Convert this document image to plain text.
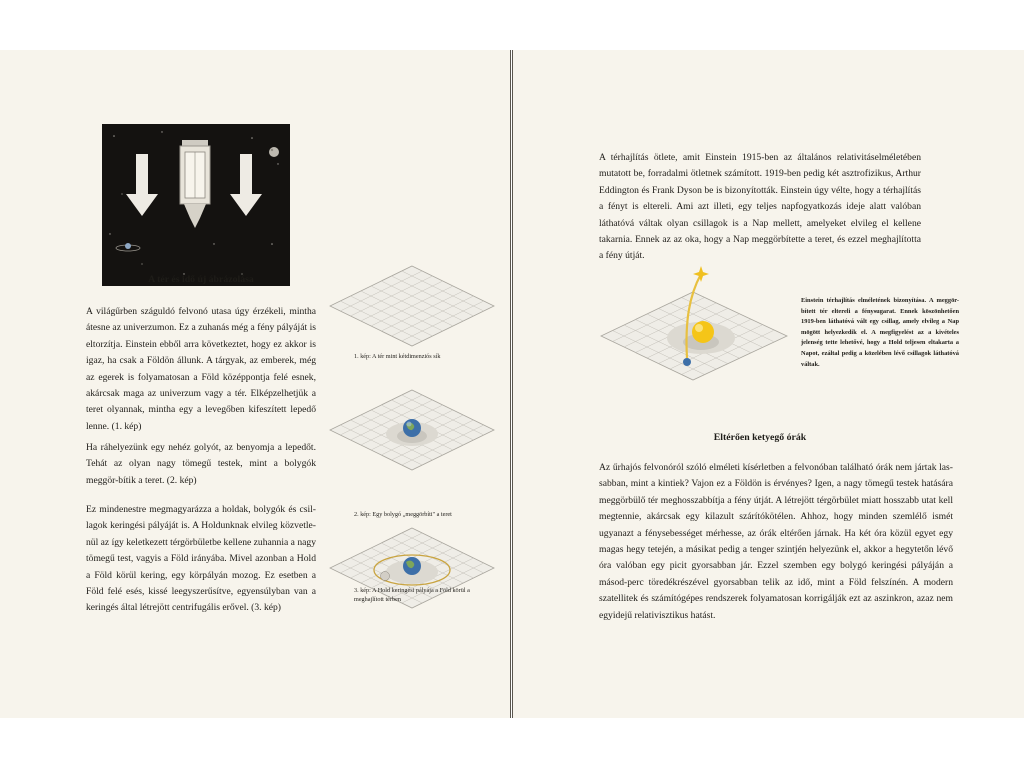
A tér és idő új ábrázolása

A világűrben száguldó felvonó utasa úgy érzékeli, mintha átesne az univerzumon. Ez a zuhanás még a fény pályáját is eltorzítja. Einstein ebből arra következtet, hogy ez akkor is igaz, ha csak a Földön állunk. A tárgyak, az emberek, még az egerek is folyamatosan a Föld középpontja felé esnek, akárcsak maga az univerzum vagy a tér. Elképzelhetjük a teret olyannak, mintha egy a levegőben kifeszített lepedő lenne. (1. kép)

Ha ráhelyezünk egy nehéz golyót, az benyomja a lepedőt. Tehát az olyan nagy tömegű testek, mint a bolygók meggör-bítik a teret. (2. kép)

Ez mindenestre megmagyarázza a holdak, bolygók és csil-lagok keringési pályáját is. A Holdunknak elvileg közvetle-nül az így keletkezett térgörbületbe kellene zuhannia a nagy tömegű test, vagyis a Föld irányába. Mivel azonban a Hold a Föld körül kering, egy körpályán mozog. Ez esetben a Föld felé esés, kissé leegyszerűsítve, egyensúlyban van a keringés által létrejött centrifugális erővel. (3. kép)

1. kép: A tér mint kétdimenziós sík

2. kép: Egy bolygó „meggörbíti" a teret

3. kép: A Hold keringési pályája a Föld körül a meghajlított térben

A térhajlítás ötlete, amit Einstein 1915-ben az általános relativitáselméletében mutatott be, forradalmi ötletnek számított. 1919-ben pedig két asztrofizikus, Arthur Eddington és Frank Dyson be is bizonyították. Einstein úgy vélte, hogy a térhajlítás a fényt is eltereli. Ami azt illeti, egy teljes napfogyatkozás ideje alatt valóban láthatóvá váltak olyan csillagok is a Nap mellett, amelyeket elvileg el kellene takarnia. Ennek az az oka, hogy a Nap meggörbítette a teret, és ezzel meghajlította a fény útját.

Einstein térhajlítás elméletének bizonyítása. A meggör-bített tér eltereli a fénysugarat. Ennek köszönhetően 1919-ben láthatóvá vált egy csillag, amely elvileg a Nap mögött helyezkedik el. A megfigyelést az a kivételes jelenség tette lehetővé, hogy a Hold teljesen eltakarta a Napot, ezáltal pedig a közelében lévő csillagok láthatóvá váltak.

Eltérően ketyegő órák

Az űrhajós felvonóról szóló elméleti kísérletben a felvonóban található órák nem jártak las-sabban, mint a kintiek? Vajon ez a Földön is érvényes? Igen, a nagy tömegű testek hatására meggörbülő tér meghosszabbítja a fény útját. A létrejött térgörbület miatt hosszabb utat kell megtennie, akárcsak egy kilazult szárítókötélen. Ahhoz, hogy minden szemlélő ismét ugyanazt a fénysebességet mérhesse, az órák eltérően járnak. Ha két óra közül egyet egy magas hegy tetején, a másikat pedig a tenger szintjén helyezünk el, akkor a hegytetőn lévő óra valóban egy picit gyorsabban jár. Ezzel szemben egy bolygó keringési pályáján a másod-perc töredékrészével gyorsabban telik az idő, mint a Föld felszínén. A modern szatellitek és számítógépes rendszerek folyamatosan korrigálják ezt az aszinkron, azaz nem egyidejű relativisztikus hatást.
